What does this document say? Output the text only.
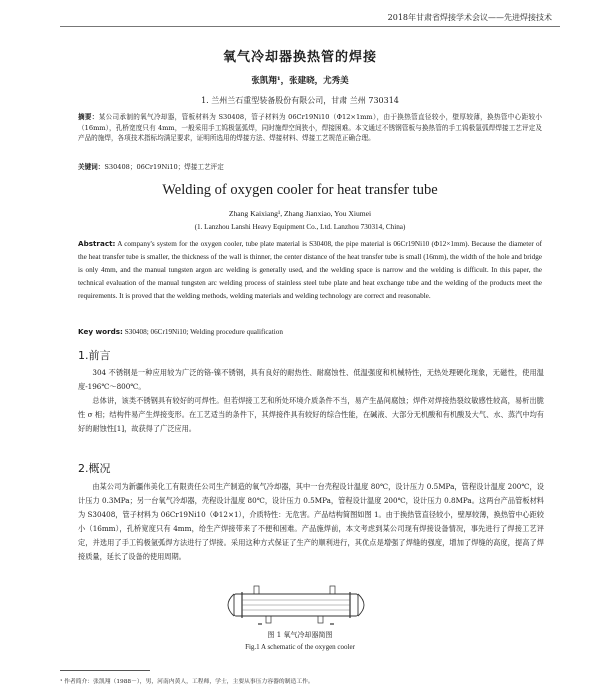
2018年甘肃省焊接学术会议——先进焊接技术
氧气冷却器换热管的焊接
张凯翔¹，张建晓，尤秀美
1. 兰州兰石重型装备股份有限公司，甘肃 兰州 730314
摘要：某公司承制的氧气冷却器，管板材料为 S30408，管子材料为 06Cr19Ni10（Φ12×1mm），由于换热管直径较小，壁厚较薄，换热管中心距较小（16mm），孔桥宽度只有 4mm，一般采用手工钨极氩弧焊，同时施焊空间狭小，焊接困难。本文通过不锈钢管板与换热管的手工钨极氩弧焊焊接工艺评定及产品的施焊，各项技术指标均满足要求，证明所选用的焊接方法、焊接材料、焊接工艺规范正确合理。
关键词：S30408；06Cr19Ni10；焊接工艺评定
Welding of oxygen cooler for heat transfer tube
Zhang Kaixiang¹, Zhang Jianxiao, You Xiumei
(1. Lanzhou Lanshi Heavy Equipment Co., Ltd. Lanzhou 730314, China)
Abstract: A company's system for the oxygen cooler, tube plate material is S30408, the pipe material is 06Cr19Ni10 (Φ12×1mm). Because the diameter of the heat transfer tube is smaller, the thickness of the wall is thinner, the center distance of the heat transfer tube is small (16mm), the width of the hole and bridge is only 4mm, and the manual tungsten argon arc welding is generally used, and the welding space is narrow and the welding is difficult. In this paper, the technical evaluation of the manual tungsten arc welding process of stainless steel tube plate and heat exchange tube and the welding of the products meet the requirements. It is proved that the welding methods, welding materials and welding technology are correct and reasonable.
Key words: S30408; 06Cr19Ni10; Welding procedure qualification
1.前言

304 不锈钢是一种应用较为广泛的铬-镍不锈钢，具有良好的耐热性、耐腐蚀性、低温强度和机械特性，无热处理硬化现象，无磁性，使用温度-196℃～800℃。

总体讲，该类不锈钢具有较好的可焊性。但若焊接工艺和所处环境介质条件不当，易产生晶间腐蚀；焊件对焊接热裂纹敏感性较高，易析出脆性 σ 相；结构件易产生焊接变形。在工艺适当的条件下，其焊接件具有较好的综合性能，在碱液、大部分无机酸和有机酸及大气、水、蒸汽中均有好的耐蚀性[1]，故获得了广泛应用。

2.概况

由某公司为新疆伟美化工有限责任公司生产制造的氧气冷却器，其中一台壳程设计温度 80℃，设计压力 0.5MPa，管程设计温度 200℃，设计压力 0.3MPa；另一台氧气冷却器，壳程设计温度 80℃，设计压力 0.5MPa，管程设计温度 200℃，设计压力 0.8MPa。这两台产品管板材料为 S30408，管子材料为 06Cr19Ni10（Φ12×1），介质特性：无危害。产品结构简图如图 1。由于换热管直径较小，壁厚较薄，换热管中心距较小（16mm），孔桥宽度只有 4mm，给生产焊接带来了不便和困难。产品施焊前，本文考虑到某公司现有焊接设备情况，事先进行了焊接工艺评定，并选用了手工钨极氩弧焊方法进行了焊接。采用这种方式保证了生产的顺利进行，其优点是增强了焊缝的强度，增加了焊缝的高度，提高了焊接质量，延长了设备的使用周期。

图 1 氧气冷却器简图
Fig.1 A schematic of the oxygen cooler
¹ 作者简介：张凯翔（1988－），男，河南内黄人，工程师，学士，主要从事压力容器的制造工作。
